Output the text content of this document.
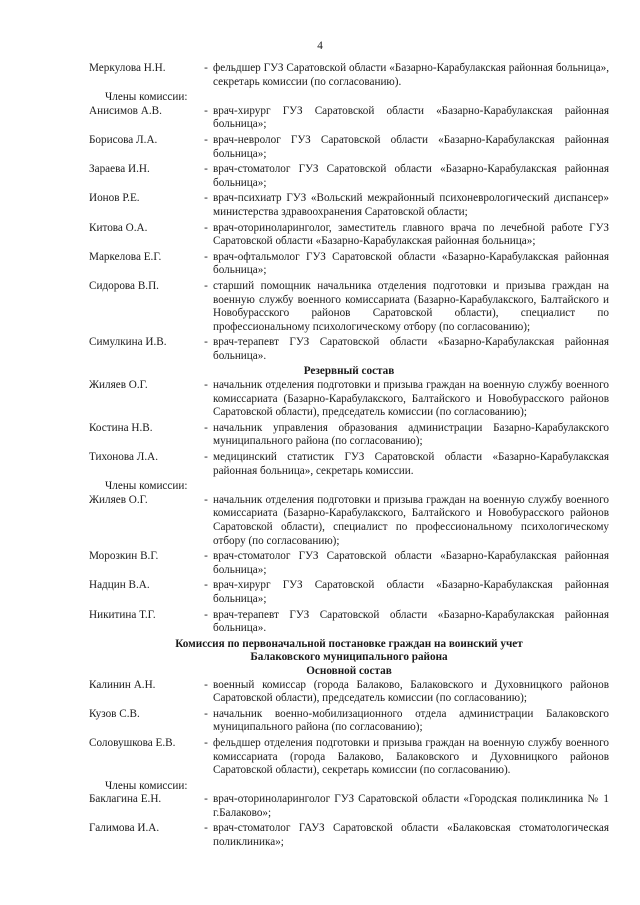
4
Меркулова Н.Н.	- фельдшер ГУЗ Саратовской области «Базарно-Карабулакская районная больница», секретарь комиссии (по согласованию).
Члены комиссии:
Анисимов А.В.	- врач-хирург ГУЗ Саратовской области «Базарно-Карабулакская районная больница»;
Борисова Л.А.	- врач-невролог ГУЗ Саратовской области «Базарно-Карабулакская районная больница»;
Зараева И.Н.	- врач-стоматолог ГУЗ Саратовской области «Базарно-Карабулакская районная больница»;
Ионов Р.Е.	- врач-психиатр ГУЗ «Вольский межрайонный психоневрологический диспансер» министерства здравоохранения Саратовской области;
Китова О.А.	- врач-оториноларинголог, заместитель главного врача по лечебной работе ГУЗ Саратовской области «Базарно-Карабулакская районная больница»;
Маркелова Е.Г.	- врач-офтальмолог ГУЗ Саратовской области «Базарно-Карабулакская районная больница»;
Сидорова В.П.	- старший помощник начальника отделения подготовки и призыва граждан на военную службу военного комиссариата (Базарно-Карабулакского, Балтайского и Новобурасского районов Саратовской области), специалист по профессиональному психологическому отбору (по согласованию);
Симулкина И.В.	- врач-терапевт ГУЗ Саратовской области «Базарно-Карабулакская районная больница».
Резервный состав
Жиляев О.Г.	- начальник отделения подготовки и призыва граждан на военную службу военного комиссариата (Базарно-Карабулакского, Балтайского и Новобурасского районов Саратовской области), председатель комиссии (по согласованию);
Костина Н.В.	- начальник управления образования администрации Базарно-Карабулакского муниципального района (по согласованию);
Тихонова Л.А.	- медицинский статистик ГУЗ Саратовской области «Базарно-Карабулакская районная больница», секретарь комиссии.
Члены комиссии:
Жиляев О.Г.	- начальник отделения подготовки и призыва граждан на военную службу военного комиссариата (Базарно-Карабулакского, Балтайского и Новобурасского районов Саратовской области), специалист по профессиональному психологическому отбору (по согласованию);
Морозкин В.Г.	- врач-стоматолог ГУЗ Саратовской области «Базарно-Карабулакская районная больница»;
Надцин В.А.	- врач-хирург ГУЗ Саратовской области «Базарно-Карабулакская районная больница»;
Никитина Т.Г.	- врач-терапевт ГУЗ Саратовской области «Базарно-Карабулакская районная больница».
Комиссия по первоначальной постановке граждан на воинский учет
Балаковского муниципального района
Основной состав
Калинин А.Н.	- военный комиссар (города Балаково, Балаковского и Духовницкого районов Саратовской области), председатель комиссии (по согласованию);
Кузов С.В.	- начальник военно-мобилизационного отдела администрации Балаковского муниципального района (по согласованию);
Соловушкова Е.В.	- фельдшер отделения подготовки и призыва граждан на военную службу военного комиссариата (города Балаково, Балаковского и Духовницкого районов Саратовской области), секретарь комиссии (по согласованию).
Члены комиссии:
Баклагина Е.Н.	- врач-оториноларинголог ГУЗ Саратовской области «Городская поликлиника № 1 г.Балаково»;
Галимова И.А.	- врач-стоматолог ГАУЗ Саратовской области «Балаковская стоматологическая поликлиника»;
